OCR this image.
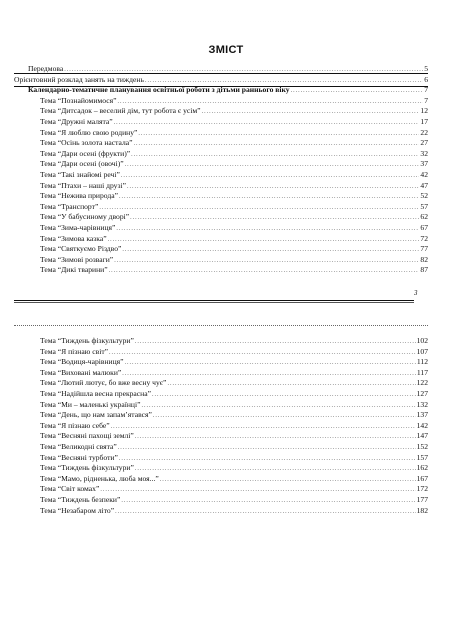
ЗМІСТ
Передмова .....	5
Орієнтовний розклад занять на тиждень .....	6
Календарно-тематичне планування освітньої роботи з дітьми раннього віку .....	7
Тема “Познайомимося” .....	7
Тема “Дитсадок – веселий дім, тут робота є усім” .....	12
Тема “Дружні малята” .....	17
Тема “Я люблю свою родину” .....	22
Тема “Осінь золота настала” .....	27
Тема “Дари осені (фрукти)” .....	32
Тема “Дари осені (овочі)” .....	37
Тема “Такі знайомі речі” .....	42
Тема “Птахи – наші друзі” .....	47
Тема “Нежива природа” .....	52
Тема “Транспорт” .....	57
Тема “У бабусиному дворі” .....	62
Тема “Зима-чарівниця” .....	67
Тема “Зимова казка” .....	72
Тема “Святкуємо Різдво” .....	77
Тема “Зимові розваги” .....	82
Тема “Дикі тварини” .....	87
3
Тема “Тиждень фізкультури” .....	102
Тема “Я пізнаю світ” .....	107
Тема “Водиця-чарівниця” .....	112
Тема “Виховані малюки” .....	117
Тема “Лютий лютує, бо вже весну чує” .....	122
Тема “Надійшла весна прекрасна” .....	127
Тема “Ми – маленькі українці” .....	132
Тема “День, що нам запам’ятався” .....	137
Тема “Я пізнаю себе” .....	142
Тема “Весняні пахощі землі” .....	147
Тема “Великодні свята” .....	152
Тема “Весняні турботи” .....	157
Тема “Тиждень фізкультури” .....	162
Тема “Мамо, рідненька, люба моя...” .....	167
Тема “Світ комах” .....	172
Тема “Тиждень безпеки” .....	177
Тема “Незабаром літо” .....	182
